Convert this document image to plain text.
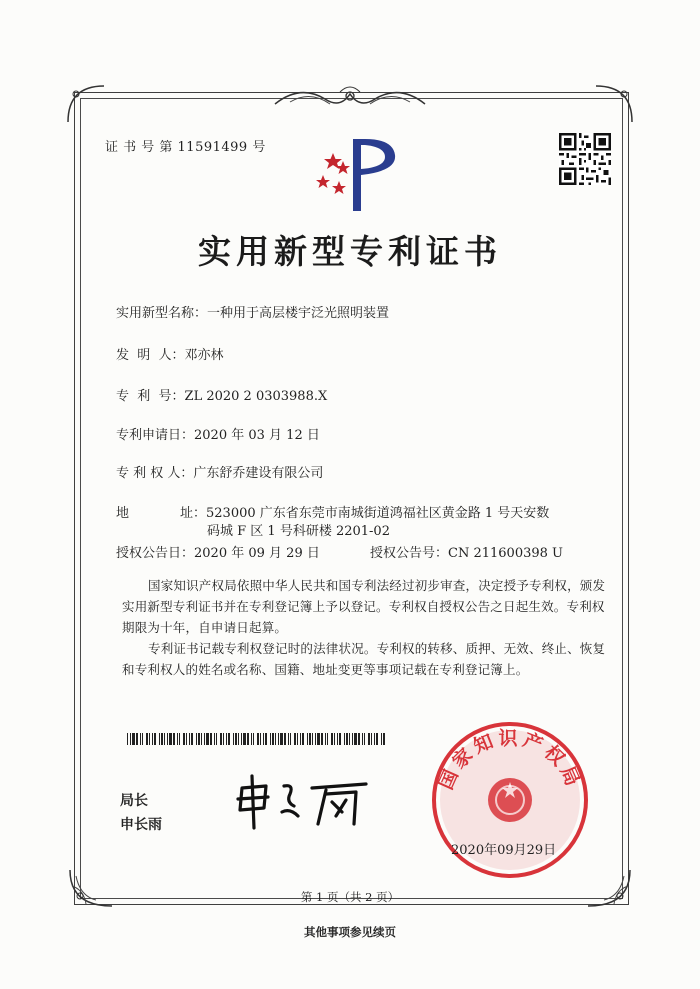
证 书 号 第 11591499 号
实用新型专利证书
实用新型名称：一种用于高层楼宇泛光照明装置
发  明  人：邓亦林
专  利  号：ZL 2020 2 0303988.X
专利申请日：2020 年 03 月 12 日
专 利 权 人：广东舒乔建设有限公司
地	址：523000 广东省东莞市南城街道鸿福社区黄金路 1 号天安数
码城 F 区 1 号科研楼 2201-02
授权公告日：2020 年 09 月 29 日	授权公告号：CN 211600398 U
国家知识产权局依照中华人民共和国专利法经过初步审查，决定授予专利权，颁发实用新型专利证书并在专利登记簿上予以登记。专利权自授权公告之日起生效。专利权期限为十年，自申请日起算。
专利证书记载专利权登记时的法律状况。专利权的转移、质押、无效、终止、恢复和专利权人的姓名或名称、国籍、地址变更等事项记载在专利登记簿上。
局长
申长雨
国家知识产权局
2020年09月29日
第 1 页（共 2 页）
其他事项参见续页
